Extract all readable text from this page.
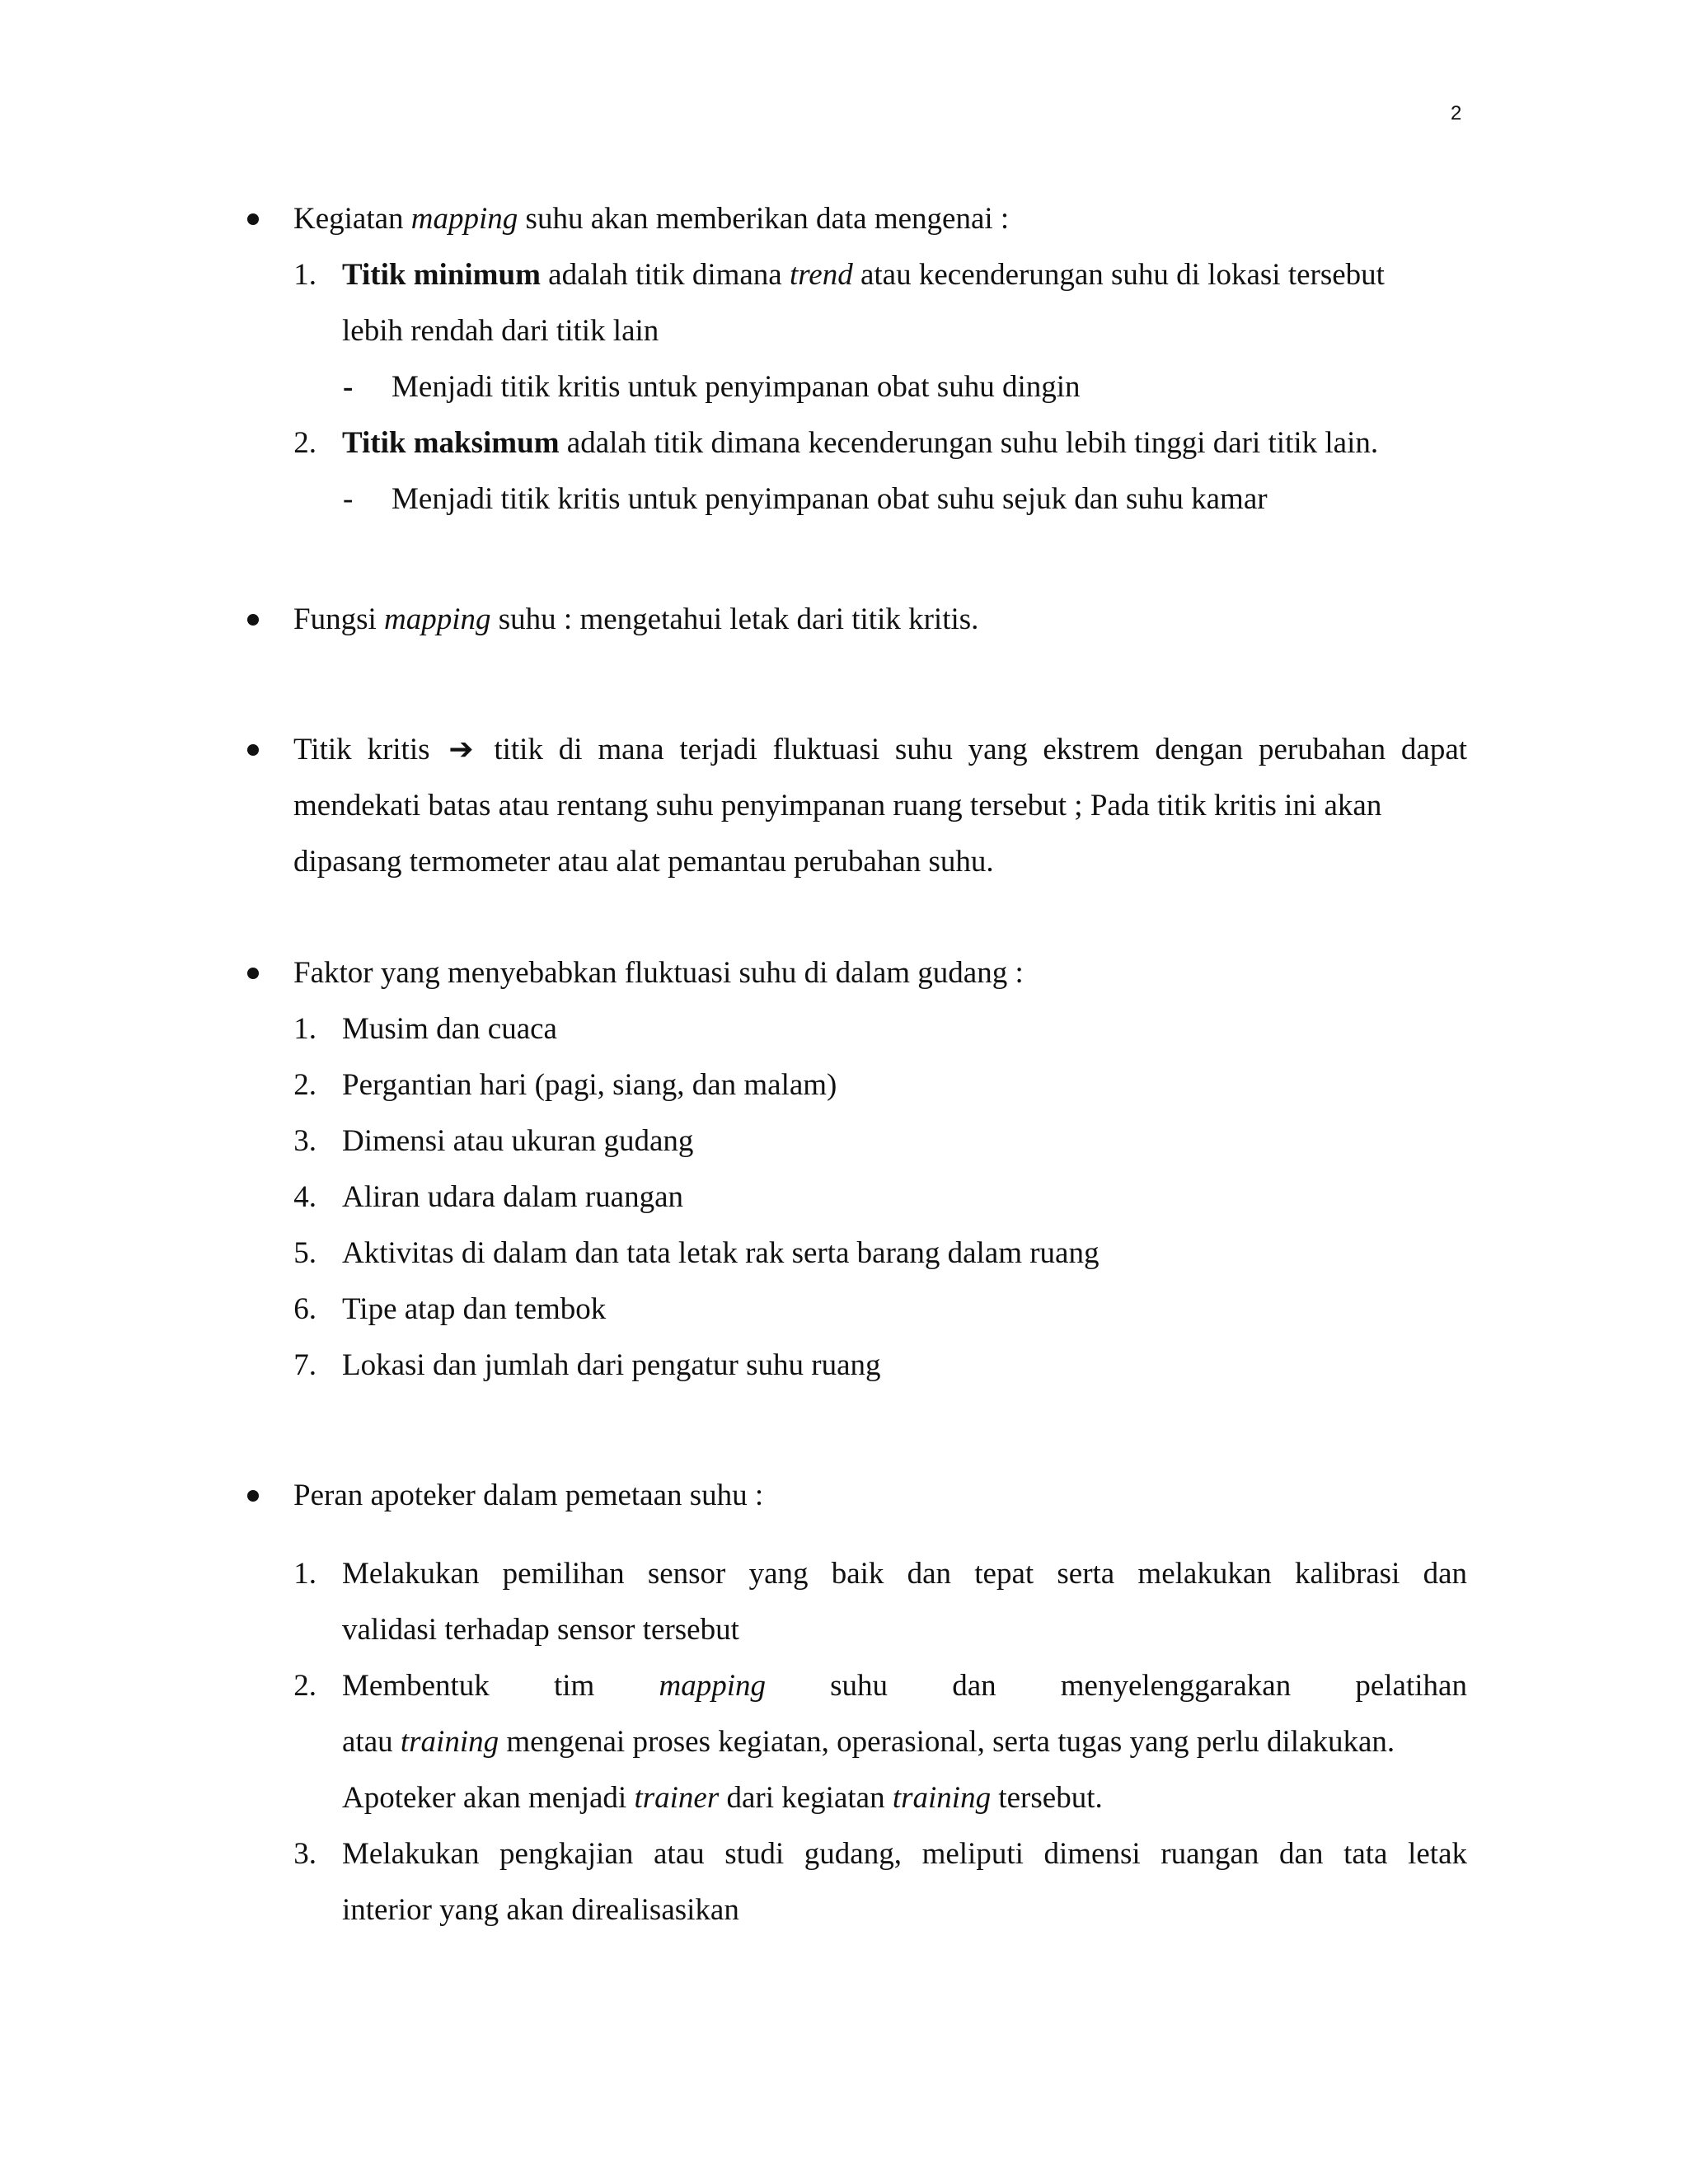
2
Kegiatan mapping suhu akan memberikan data mengenai :
1. Titik minimum adalah titik dimana trend atau kecenderungan suhu di lokasi tersebut
lebih rendah dari titik lain
- Menjadi titik kritis untuk penyimpanan obat suhu dingin
2. Titik maksimum adalah titik dimana kecenderungan suhu lebih tinggi dari titik lain.
- Menjadi titik kritis untuk penyimpanan obat suhu sejuk dan suhu kamar
Fungsi mapping suhu : mengetahui letak dari titik kritis.
Titik kritis ➔ titik di mana terjadi fluktuasi suhu yang ekstrem dengan perubahan dapat
mendekati batas atau rentang suhu penyimpanan ruang tersebut ; Pada titik kritis ini akan
dipasang termometer atau alat pemantau perubahan suhu.
Faktor yang menyebabkan fluktuasi suhu di dalam gudang :
1. Musim dan cuaca
2. Pergantian hari (pagi, siang, dan malam)
3. Dimensi atau ukuran gudang
4. Aliran udara dalam ruangan
5. Aktivitas di dalam dan tata letak rak serta barang dalam ruang
6. Tipe atap dan tembok
7. Lokasi dan jumlah dari pengatur suhu ruang
Peran apoteker dalam pemetaan suhu :
1. Melakukan pemilihan sensor yang baik dan tepat serta melakukan kalibrasi dan
validasi terhadap sensor tersebut
2. Membentuk tim mapping suhu dan menyelenggarakan pelatihan
atau training mengenai proses kegiatan, operasional, serta tugas yang perlu dilakukan.
Apoteker akan menjadi trainer dari kegiatan training tersebut.
3. Melakukan pengkajian atau studi gudang, meliputi dimensi ruangan dan tata letak
interior yang akan direalisasikan
